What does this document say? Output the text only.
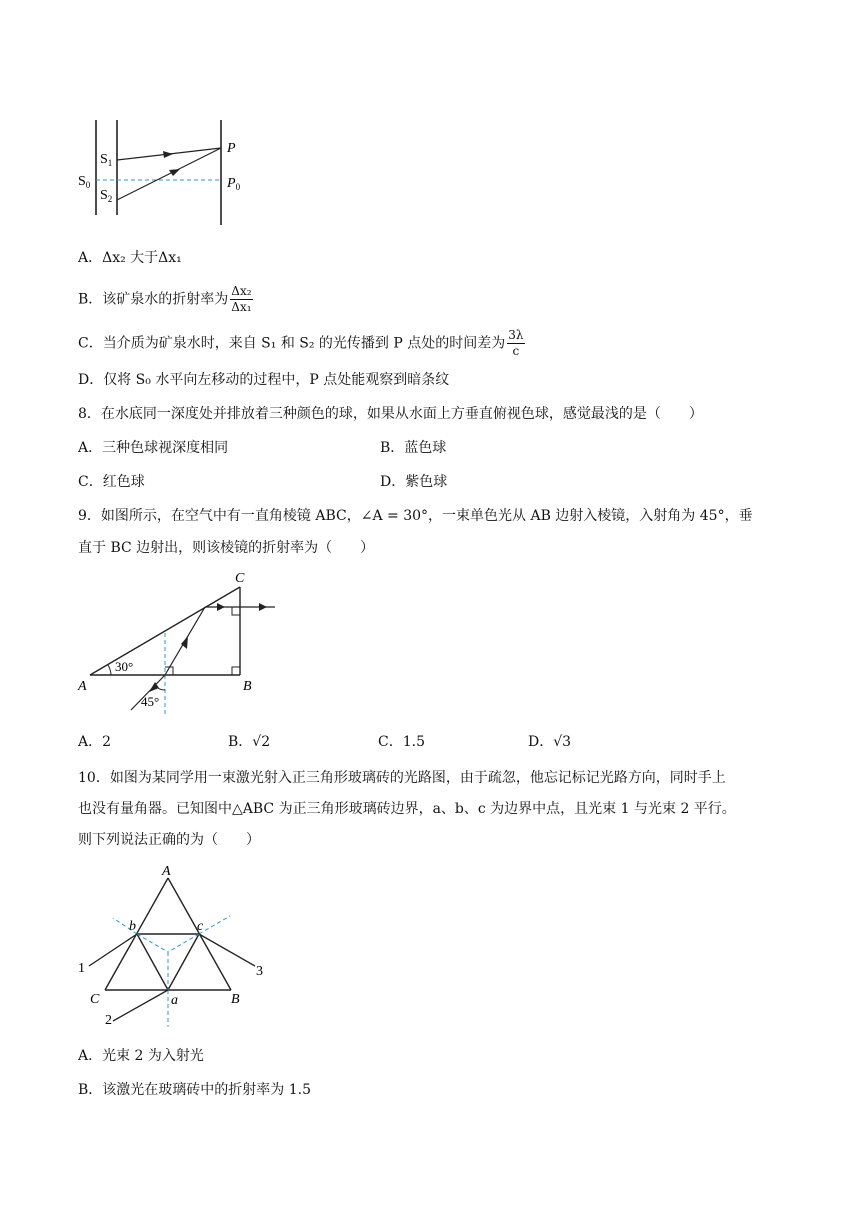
$S_0$
$S_1$
$S_2$
P
$P_0$
A．Δx₂ 大于Δx₁
B．该矿泉水的折射率为 $\frac{\text{Δx₂}}{\text{Δx₁}}$
C．当介质为矿泉水时，来自 S₁ 和 S₂ 的光传播到 P 点处的时间差为 $\frac{3\lambda}{c}$
D．仅将 S₀ 水平向左移动的过程中，P 点处能观察到暗条纹
8．在水底同一深度处并排放着三种颜色的球，如果从水面上方垂直俯视色球，感觉最浅的是（　　）
A．三种色球视深度相同	B．蓝色球
C．红色球	D．紫色球
9．如图所示，在空气中有一直角棱镜 ABC，∠A = 30°，一束单色光从 AB 边射入棱镜，入射角为 45°，垂
直于 BC 边射出，则该棱镜的折射率为（　　）
A	B
C
30°
45°
A．2	B．√2	C．1.5	D．√3
10．如图为某同学用一束激光射入正三角形玻璃砖的光路图，由于疏忽，他忘记标记光路方向，同时手上
也没有量角器。已知图中△ABC 为正三角形玻璃砖边界，a、b、c 为边界中点，且光束 1 与光束 2 平行。
则下列说法正确的为（　　）
A
B
C	a
b	c
1
2
3
A．光束 2 为入射光
B．该激光在玻璃砖中的折射率为 1.5
